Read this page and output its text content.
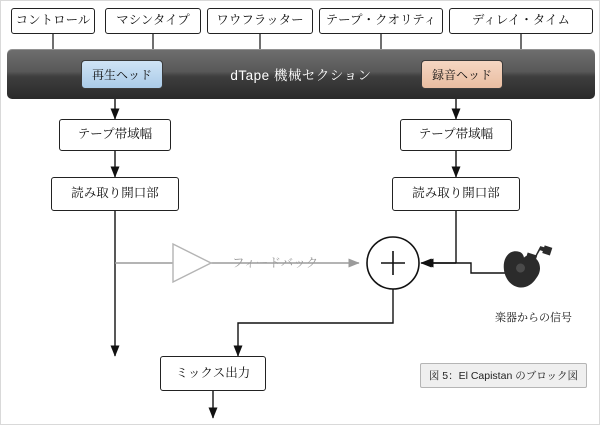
コントロール マシンタイプ ワウフラッター テープ・クオリティ	ディレイ・タイム
dTape 機械セクション
再生ヘッド	録音ヘッド
テープ帯域幅
読み取り開口部
テープ帯域幅
読み取り開口部
フィードバック
楽器からの信号
ミックス出力	図 5：El Capistan のブロック図
